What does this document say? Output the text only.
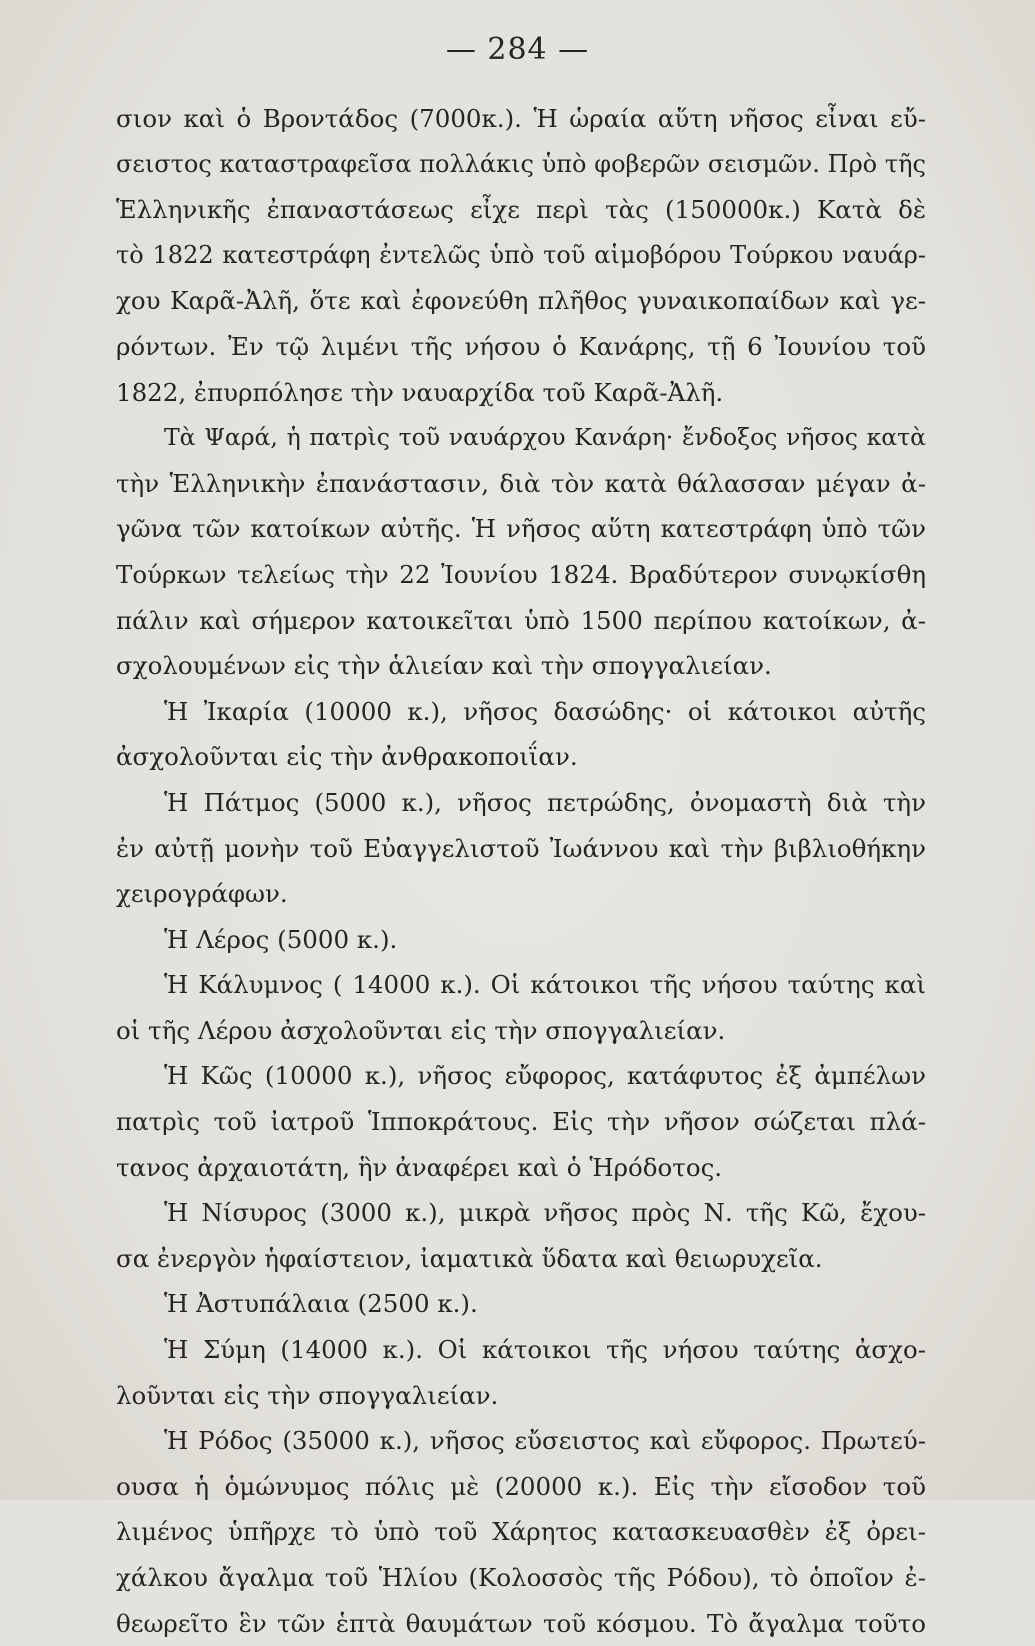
— 284 —
σιον καὶ ὁ Βροντάδος (7000κ.). Ἡ ὡραία αὕτη νῆσος εἶναι εὔ-
σειστος καταστραφεῖσα πολλάκις ὑπὸ φοβερῶν σεισμῶν. Πρὸ τῆς
Ἑλληνικῆς ἐπαναστάσεως εἶχε περὶ τὰς (150000κ.) Κατὰ δὲ
τὸ 1822 κατεστράφη ἐντελῶς ὑπὸ τοῦ αἱμοβόρου Τούρκου ναυάρ-
χου Καρᾶ-Ἀλῆ, ὅτε καὶ ἐφονεύθη πλῆθος γυναικοπαίδων καὶ γε-
ρόντων. Ἐν τῷ λιμένι τῆς νήσου ὁ Κανάρης, τῇ 6 Ἰουνίου τοῦ
1822, ἐπυρπόλησε τὴν ναυαρχίδα τοῦ Καρᾶ-Ἀλῆ.
Τὰ Ψαρά, ἡ πατρὶς τοῦ ναυάρχου Κανάρη· ἔνδοξος νῆσος κατὰ
τὴν Ἑλληνικὴν ἐπανάστασιν, διὰ τὸν κατὰ θάλασσαν μέγαν ἀ-
γῶνα τῶν κατοίκων αὐτῆς. Ἡ νῆσος αὕτη κατεστράφη ὑπὸ τῶν
Τούρκων τελείως τὴν 22 Ἰουνίου 1824. Βραδύτερον συνῳκίσθη
πάλιν καὶ σήμερον κατοικεῖται ὑπὸ 1500 περίπου κατοίκων, ἀ-
σχολουμένων εἰς τὴν ἁλιείαν καὶ τὴν σπογγαλιείαν.
Ἡ Ἰκαρία (10000 κ.), νῆσος δασώδης· οἱ κάτοικοι αὐτῆς
ἀσχολοῦνται εἰς τὴν ἀνθρακοποιΐαν.
Ἡ Πάτμος (5000 κ.), νῆσος πετρώδης, ὀνομαστὴ διὰ τὴν
ἐν αὐτῇ μονὴν τοῦ Εὐαγγελιστοῦ Ἰωάννου καὶ τὴν βιβλιοθήκην
χειρογράφων.
Ἡ Λέρος (5000 κ.).
Ἡ Κάλυμνος ( 14000 κ.). Οἱ κάτοικοι τῆς νήσου ταύτης καὶ
οἱ τῆς Λέρου ἀσχολοῦνται εἰς τὴν σπογγαλιείαν.
Ἡ Κῶς (10000 κ.), νῆσος εὔφορος, κατάφυτος ἐξ ἀμπέλων
πατρὶς τοῦ ἰατροῦ Ἱπποκράτους. Εἰς τὴν νῆσον σώζεται πλά-
τανος ἀρχαιοτάτη, ἣν ἀναφέρει καὶ ὁ Ἡρόδοτος.
Ἡ Νίσυρος (3000 κ.), μικρὰ νῆσος πρὸς Ν. τῆς Κῶ, ἔχου-
σα ἐνεργὸν ἡφαίστειον, ἰαματικὰ ὕδατα καὶ θειωρυχεῖα.
Ἡ Ἀστυπάλαια (2500 κ.).
Ἡ Σύμη (14000 κ.). Οἱ κάτοικοι τῆς νήσου ταύτης ἀσχο-
λοῦνται εἰς τὴν σπογγαλιείαν.
Ἡ Ρόδος (35000 κ.), νῆσος εὔσειστος καὶ εὔφορος. Πρωτεύ-
ουσα ἡ ὁμώνυμος πόλις μὲ (20000 κ.). Εἰς τὴν εἴσοδον τοῦ
λιμένος ὑπῆρχε τὸ ὑπὸ τοῦ Χάρητος κατασκευασθὲν ἐξ ὀρει-
χάλκου ἄγαλμα τοῦ Ἡλίου (Κολοσσὸς τῆς Ρόδου), τὸ ὁποῖον ἐ-
θεωρεῖτο ἓν τῶν ἑπτὰ θαυμάτων τοῦ κόσμου. Τὸ ἄγαλμα τοῦτο
